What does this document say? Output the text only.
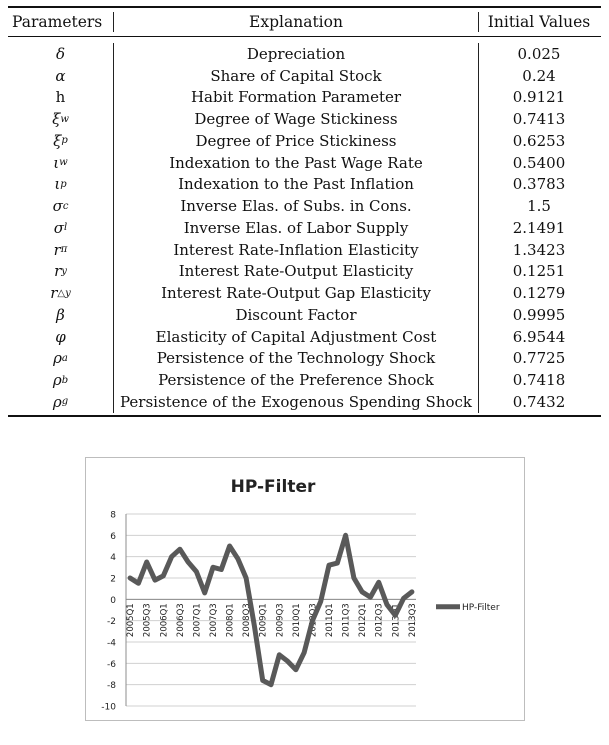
Parameters	Explanation	Initial Values
δ	Depreciation	0.025
α	Share of Capital Stock	0.24
h	Habit Formation Parameter	0.9121
ξ w	Degree of Wage Stickiness	0.7413
ξ p	Degree of Price Stickiness	0.6253
ι w	Indexation to the Past Wage Rate	0.5400
ι p	Indexation to the Past Inflation	0.3783
σ c	Inverse Elas. of Subs. in Cons.	1.5
σ l	Inverse Elas. of Labor Supply	2.1491
r π	Interest Rate-Inflation Elasticity	1.3423
r y	Interest Rate-Output Elasticity	0.1251
r △y	Interest Rate-Output Gap Elasticity	0.1279
β	Discount Factor	0.9995
φ	Elasticity of Capital Adjustment Cost	6.9544
ρ a	Persistence of the Technology Shock	0.7725
ρ b	Persistence of the Preference Shock	0.7418
ρ g	Persistence of the Exogenous Spending Shock	0.7432
HP-Filter
8
6
4
2
0
-2
-4
-6
-8
-10
2005Q1 2005Q3 2006Q1 2006Q3 2007Q1 2007Q3 2008Q1 2008Q3 2009Q1 2009Q3 2010Q1 2010Q3 2011Q1 2011Q3 2012Q1 2012Q3 2013Q1 2013Q3	HP-Filter
